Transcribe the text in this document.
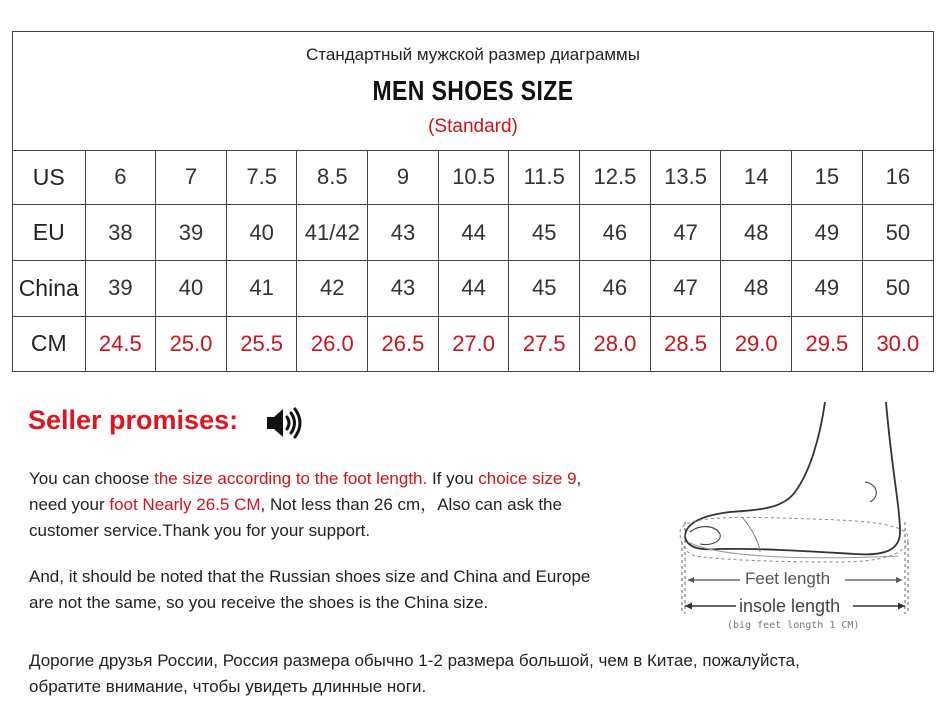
Стандартный мужской размер диаграммы
MEN SHOES SIZE
(Standard)
US	6	7	7.5	8.5	9	10.5	11.5	12.5	13.5	14	15	16
EU	38	39	40	41/42	43	44	45	46	47	48	49	50
China	39	40	41	42	43	44	45	46	47	48	49	50
CM	24.5	25.0	25.5	26.0	26.5	27.0	27.5	28.0	28.5	29.0	29.5	30.0
Seller promises:
You can choose the size according to the foot length. If you choice size 9,
need your foot Nearly 26.5 CM, Not less than 26 cm，Also can ask the
customer service.Thank you for your support.
And, it should be noted that the Russian shoes size and China and Europe
are not the same, so you receive the shoes is the China size.
Дорогие друзья России, Россия размера обычно 1-2 размера большой, чем в Китае, пожалуйста,
обратите внимание, чтобы увидеть длинные ноги.
Feet length
insole length
(big feet longth 1 CM)
